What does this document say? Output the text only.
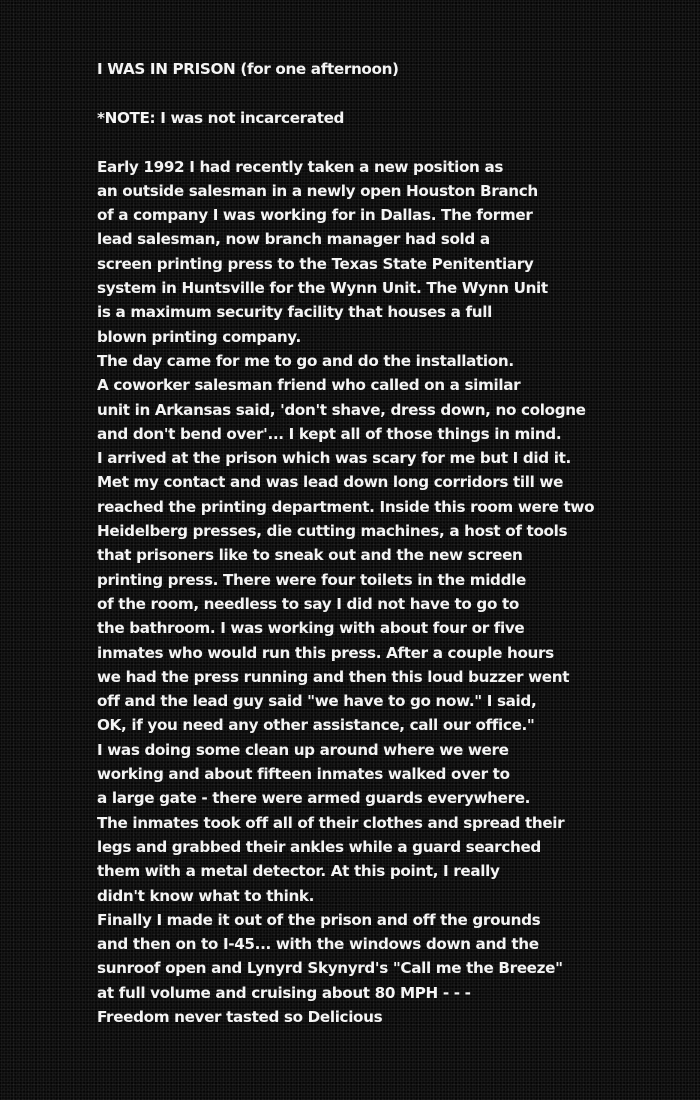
I WAS IN PRISON (for one afternoon)
*NOTE: I was not incarcerated
Early 1992 I had recently taken a new position as
an outside salesman in a newly open Houston Branch
of a company I was working for in Dallas. The former
lead salesman, now branch manager had sold a
screen printing press to the Texas State Penitentiary
system in Huntsville for the Wynn Unit. The Wynn Unit
is a maximum security facility that houses a full
blown printing company.
The day came for me to go and do the installation.
A coworker salesman friend who called on a similar
unit in Arkansas said, 'don't shave, dress down, no cologne
and don't bend over'... I kept all of those things in mind.
I arrived at the prison which was scary for me but I did it.
Met my contact and was lead down long corridors till we
reached the printing department. Inside this room were two
Heidelberg presses, die cutting machines, a host of tools
that prisoners like to sneak out and the new screen
printing press. There were four toilets in the middle
of the room, needless to say I did not have to go to
the bathroom. I was working with about four or five
inmates who would run this press. After a couple hours
we had the press running and then this loud buzzer went
off and the lead guy said "we have to go now." I said,
OK, if you need any other assistance, call our office."
I was doing some clean up around where we were
working and about fifteen inmates walked over to
a large gate - there were armed guards everywhere.
The inmates took off all of their clothes and spread their
legs and grabbed their ankles while a guard searched
them with a metal detector. At this point, I really
didn't know what to think.
Finally I made it out of the prison and off the grounds
and then on to I-45... with the windows down and the
sunroof open and Lynyrd Skynyrd's "Call me the Breeze"
at full volume and cruising about 80 MPH - - -
Freedom never tasted so Delicious
